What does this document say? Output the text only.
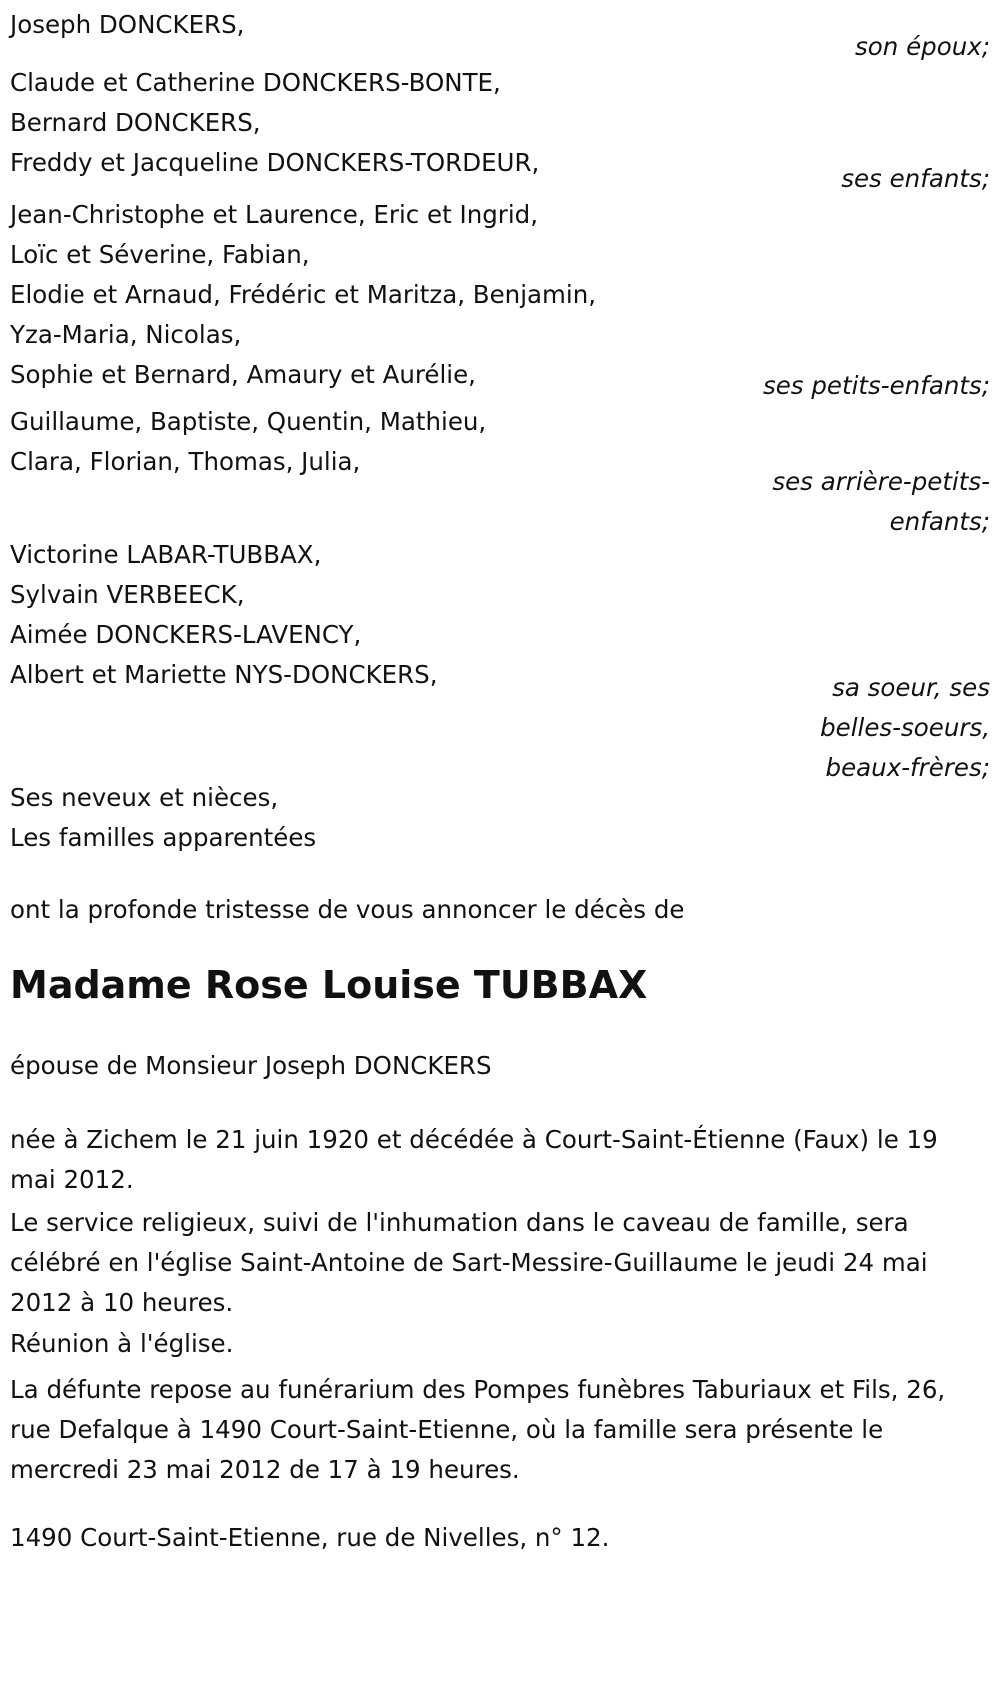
Joseph DONCKERS,
son époux;
Claude et Catherine DONCKERS-BONTE,
Bernard DONCKERS,
Freddy et Jacqueline DONCKERS-TORDEUR,
ses enfants;
Jean-Christophe et Laurence, Eric et Ingrid,
Loïc et Séverine, Fabian,
Elodie et Arnaud, Frédéric et Maritza, Benjamin,
Yza-Maria, Nicolas,
Sophie et Bernard, Amaury et Aurélie,	ses petits-enfants;
Guillaume, Baptiste, Quentin, Mathieu,
Clara, Florian, Thomas, Julia,
ses arrière-petits-enfants;
Victorine LABAR-TUBBAX,
Sylvain VERBEECK,
Aimée DONCKERS-LAVENCY,
Albert et Mariette NYS-DONCKERS,	sa soeur, ses belles-soeurs, beaux-frères;
Ses neveux et nièces,
Les familles apparentées
ont la profonde tristesse de vous annoncer le décès de
Madame Rose Louise TUBBAX
épouse de Monsieur Joseph DONCKERS
née à Zichem le 21 juin 1920 et décédée à Court-Saint-Étienne (Faux) le 19 mai 2012.
Le service religieux, suivi de l'inhumation dans le caveau de famille, sera célébré en l'église Saint-Antoine de Sart-Messire-Guillaume le jeudi 24 mai 2012 à 10 heures.
Réunion à l'église.
La défunte repose au funérarium des Pompes funèbres Taburiaux et Fils, 26, rue Defalque à 1490 Court-Saint-Etienne, où la famille sera présente le mercredi 23 mai 2012 de 17 à 19 heures.
1490 Court-Saint-Etienne, rue de Nivelles, n° 12.
